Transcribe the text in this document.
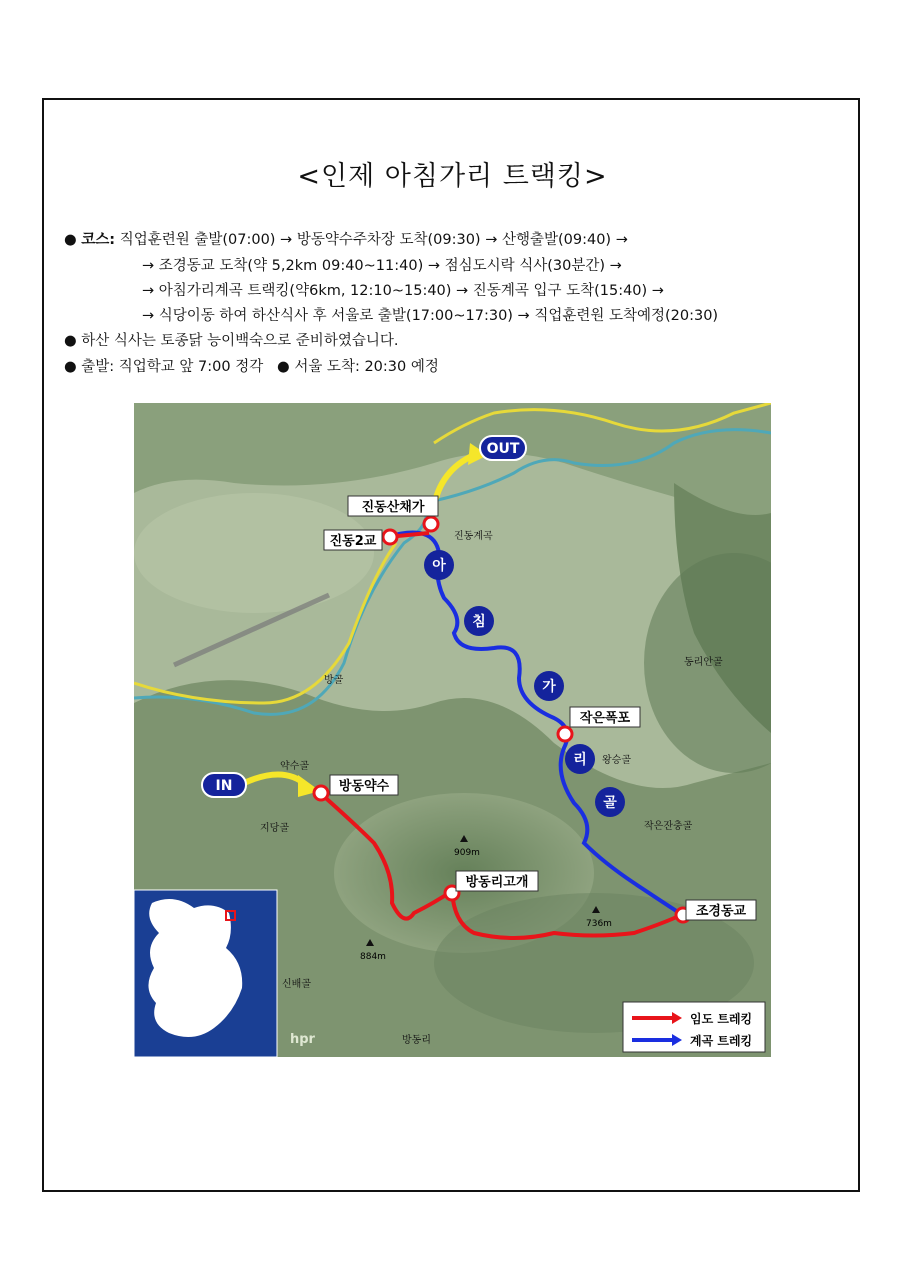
<인제 아침가리 트랙킹>
● 코스: 직업훈련원 출발(07:00) → 방동약수주차장 도착(09:30) → 산행출발(09:40) →
→ 조경동교 도착(약 5,2km 09:40~11:40) → 점심도시락 식사(30분간) →
→ 아침가리계곡 트랙킹(약6km, 12:10~15:40) → 진동계곡 입구 도착(15:40) →
→ 식당이동 하여 하산식사 후 서울로 출발(17:00~17:30) → 직업훈련원 도착예정(20:30)
● 하산 식사는 토종닭 능이백숙으로 준비하였습니다.
● 출발: 직업학교 앞 7:00 정각 ● 서울 도착: 20:30 예정
아
침
가
리
골
OUT
IN
진동산채가
진동2교
작은폭포
방동약수
방동리고개
조경동교
진동계곡
방골
약수골
지당골
신배골
방동리
동리안골
왕승골
작은잔충골
909m
884m
736m
hpr
임도 트레킹
계곡 트레킹
